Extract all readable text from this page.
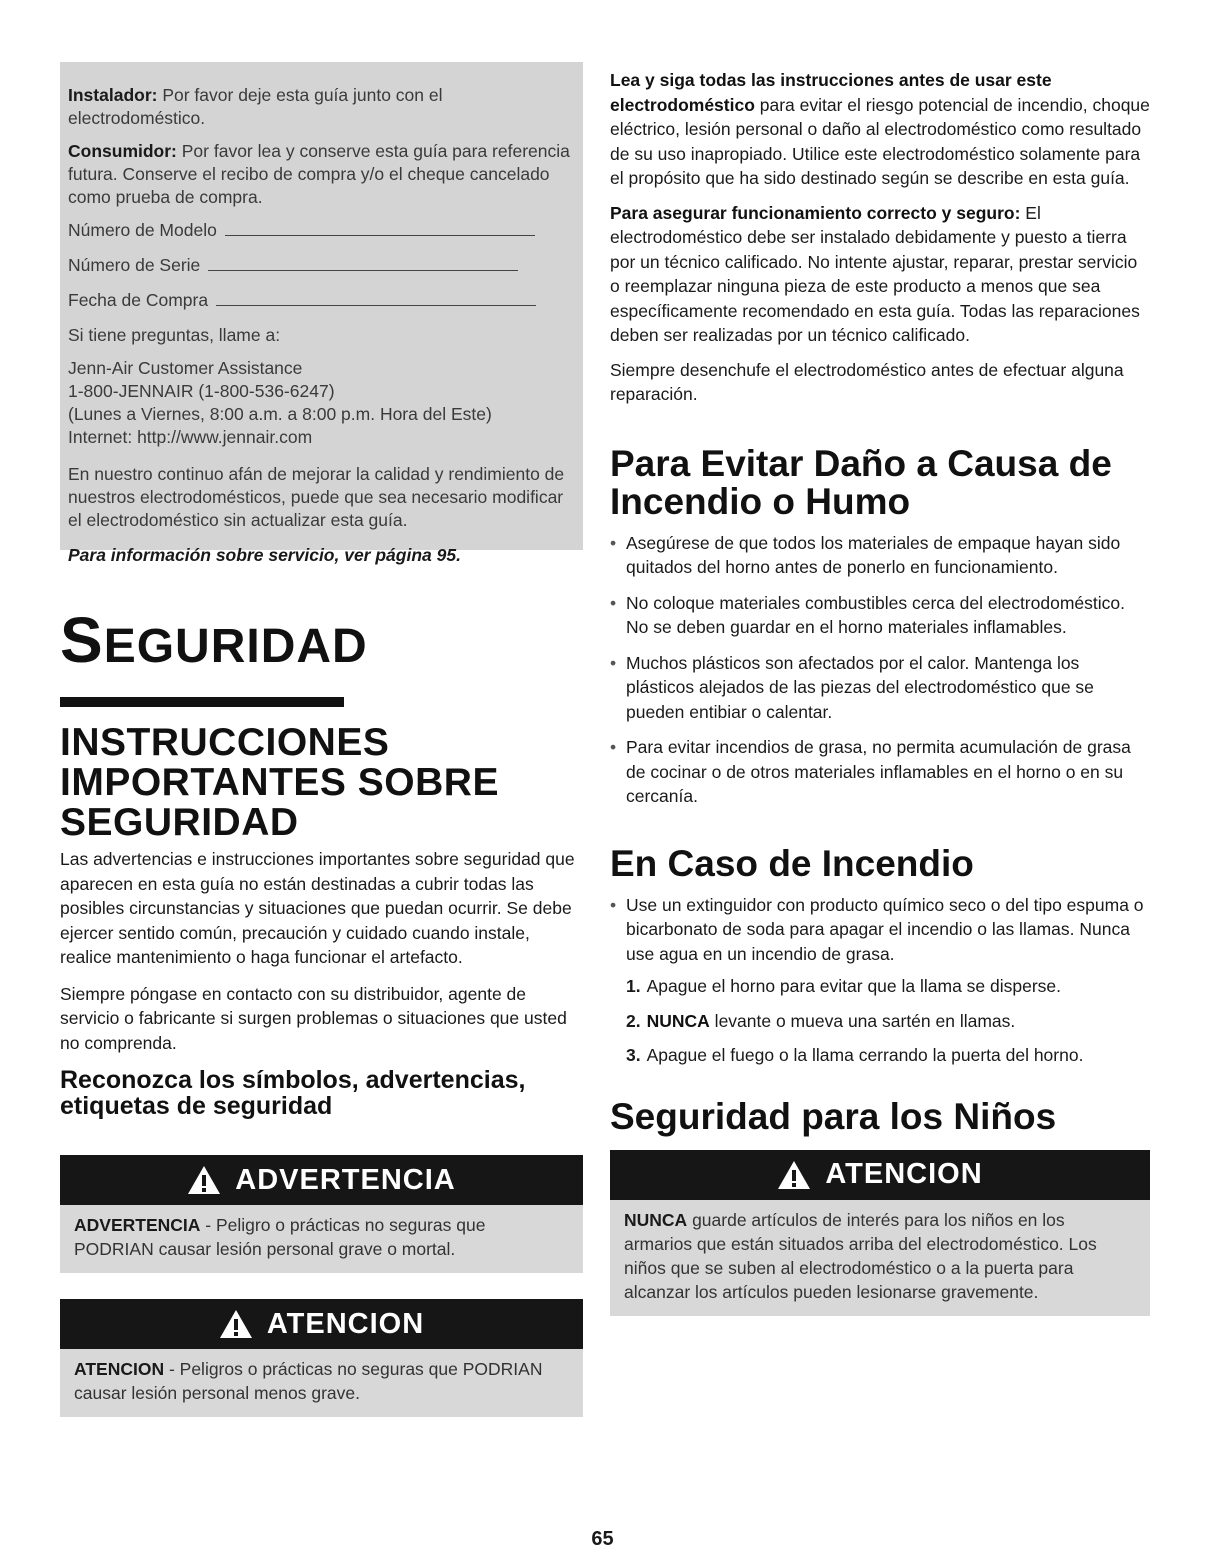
Instalador: Por favor deje esta guía junto con el electrodoméstico.

Consumidor: Por favor lea y conserve esta guía para referencia futura. Conserve el recibo de compra y/o el cheque cancelado como prueba de compra.

Número de Modelo
Número de Serie
Fecha de Compra

Si tiene preguntas, llame a:

Jenn-Air Customer Assistance

1-800-JENNAIR (1-800-536-6247)

(Lunes a Viernes, 8:00 a.m. a 8:00 p.m. Hora del Este)

Internet: http://www.jennair.com

En nuestro continuo afán de mejorar la calidad y rendimiento de nuestros electrodomésticos, puede que sea necesario modificar el electrodoméstico sin actualizar esta guía.

Para información sobre servicio, ver página 95.

SEGURIDAD
INSTRUCCIONES
IMPORTANTES SOBRE
SEGURIDAD

Las advertencias e instrucciones importantes sobre seguridad que aparecen en esta guía no están destinadas a cubrir todas las posibles circunstancias y situaciones que puedan ocurrir. Se debe ejercer sentido común, precaución y cuidado cuando instale, realice mantenimiento o haga funcionar el artefacto.

Siempre póngase en contacto con su distribuidor, agente de servicio o fabricante si surgen problemas o situaciones que usted no comprenda.

Reconozca los símbolos, advertencias, etiquetas de seguridad
ADVERTENCIA
ADVERTENCIA - Peligro o prácticas no seguras que PODRIAN causar lesión personal grave o mortal.
ATENCION
ATENCION - Peligros o prácticas no seguras que PODRIAN causar lesión personal menos grave.

Lea y siga todas las instrucciones antes de usar este electrodoméstico para evitar el riesgo potencial de incendio, choque eléctrico, lesión personal o daño al electrodoméstico como resultado de su uso inapropiado. Utilice este electrodoméstico solamente para el propósito que ha sido destinado según se describe en esta guía.

Para asegurar funcionamiento correcto y seguro: El electrodoméstico debe ser instalado debidamente y puesto a tierra por un técnico calificado. No intente ajustar, reparar, prestar servicio o reemplazar ninguna pieza de este producto a menos que sea específicamente recomendado en esta guía. Todas las reparaciones deben ser realizadas por un técnico calificado.

Siempre desenchufe el electrodoméstico antes de efectuar alguna reparación.

Para Evitar Daño a Causa de Incendio o Humo
• Asegúrese de que todos los materiales de empaque hayan sido quitados del horno antes de ponerlo en funcionamiento.
• No coloque materiales combustibles cerca del electrodoméstico. No se deben guardar en el horno materiales inflamables.
• Muchos plásticos son afectados por el calor. Mantenga los plásticos alejados de las piezas del electrodoméstico que se pueden entibiar o calentar.
• Para evitar incendios de grasa, no permita acumulación de grasa de cocinar o de otros materiales inflamables en el horno o en su cercanía.
En Caso de Incendio
• Use un extinguidor con producto químico seco o del tipo espuma o bicarbonato de soda para apagar el incendio o las llamas. Nunca use agua en un incendio de grasa.
1. Apague el horno para evitar que la llama se disperse.
2. NUNCA levante o mueva una sartén en llamas.
3. Apague el fuego o la llama cerrando la puerta del horno.
Seguridad para los Niños
ATENCION
NUNCA guarde artículos de interés para los niños en los armarios que están situados arriba del electrodoméstico. Los niños que se suben al electrodoméstico o a la puerta para alcanzar los artículos pueden lesionarse gravemente.
65
